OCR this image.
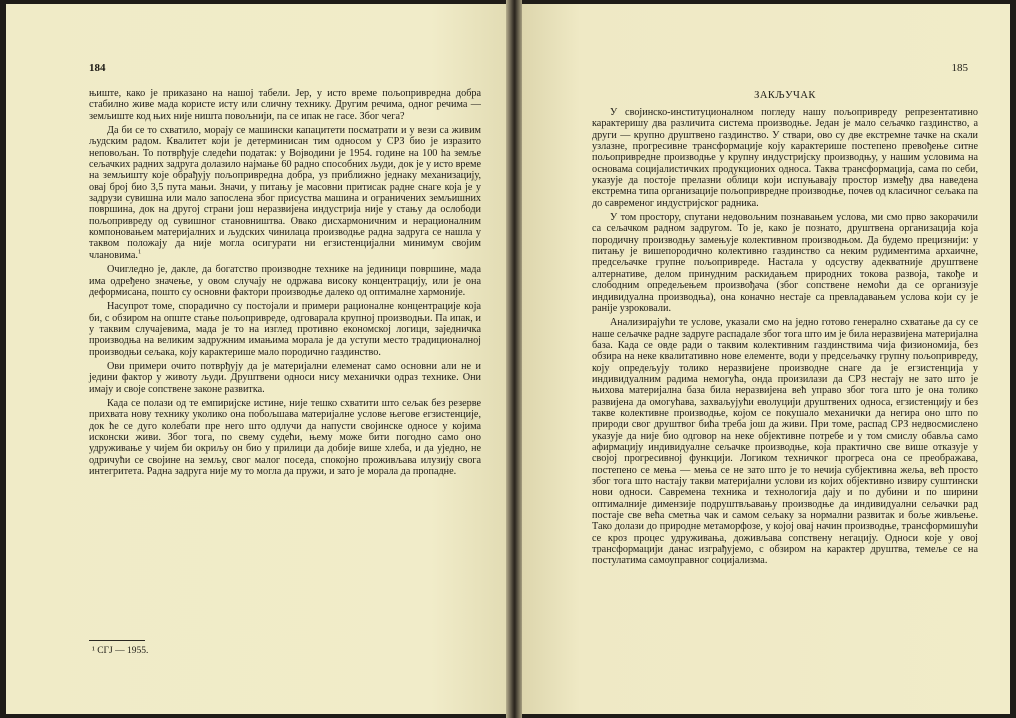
184

њиште, како је приказано на нашој табели. Јер, у исто време пољопривредна добра стабилно живе мада користе исту или сличну технику. Другим речима, одног речима — земљиште код њих није ништа повољнији, па се ипак не гасе. Због чега?

Да би се то схватило, морају се машински капацитети посматрати и у вези са живим људским радом. Квалитет који је детерминисан тим односом у СРЗ био је изразито неповољан. То потврђује следећи податак: у Војводини је 1954. године на 100 ha земље сељачких радних задруга долазило најмање 60 радно способних људи, док је у исто време на земљишту које обрађују пољопривредна добра, уз приближно једнаку механизацију, овај број био 3,5 пута мањи. Значи, у питању је масовни притисак радне снаге која је у задрузи сувишна или мало запослена због присуства машина и ограничених земљишних површина, док на другој страни још неразвијена индустрија није у стању да ослободи пољопривреду од сувишног становништва. Овако дисхармоничним и нерационалним компоновањем материјалних и људских чинилаца производње радна задруга се нашла у таквом положају да није могла осигурати ни егзистенцијални минимум својим члановима.$^1$

Очигледно је, дакле, да богатство производне технике на јединици површине, мада има одређено значење, у овом случају не одржава високу концентрацију, или је она деформисана, пошто су основни фактори производње далеко од оптималне хармоније.

Насупрот томе, спорадично су постојали и примери рационалне концентрације која би, с обзиром на опште стање пољопривреде, одговарала крупној производњи. Па ипак, и у таквим случајевима, мада је то на изглед противно економској логици, заједничка производња на великим задружним имањима морала је да уступи место традиционалној производњи сељака, коју карактерише мало породично газдинство.

Ови примери очито потврђују да је материјални елеменат само основни али не и једини фактор у животу људи. Друштвени односи нису механички одраз технике. Они имају и своје сопствене законе развитка.

Када се полази од те емпиријске истине, није тешко схватити што сељак без резерве прихвата нову технику уколико она побољшава материјалне услове његове егзистенције, док ће се дуго колебати пре него што одлучи да напусти својинске односе у којима исконски живи. Због тога, по свему судећи, њему може бити погодно само оно удруживање у чијем би окриљу он био у прилици да добије више хлеба, и да уједно, не одричући се својине на земљу, свог малог поседа, спокојно проживљава илузију свога интегритета. Радна задруга није му то могла да пружи, и зато је морала да пропадне.

¹ СГЈ — 1955.
185
ЗАКЉУЧАК

У својинско-институционалном погледу нашу пољопривреду репрезентативно карактеришу два различита система производње. Један је мало сељачко газдинство, а други — крупно друштвено газдинство. У ствари, ово су две екстремне тачке на скали узлазне, прогресивне трансформације коју карактерише постепено превођење ситне пољопривредне производње у крупну индустријску производњу, у нашим условима на основама социјалистичких продукционих односа. Таква трансформација, сама по себи, указује да постоје прелазни облици који испуњавају простор између два наведена екстремна типа организације пољопривредне производње, почев од класичног сељака па до савременог индустријског радника.

У том простору, спутани недовољним познавањем услова, ми смо прво закорачили са сељачком радном задругом. То је, како је познато, друштвена организација која породичну производњу замењује колективном производњом. Да будемо прецизнији: у питању је вишепородично колективно газдинство са неким рудиментима архаичне, предсељачке групне пољопривреде. Настала у одсуству адекватније друштвене алтернативе, делом принудним раскидањем природних токова развоја, такође и слободним опредељењем произвођача (због сопствене немоћи да се организује индивидуална производња), она коначно нестаје са превладавањем услова који су је ранije узроковали.

Анализирајући те услове, указали смо на једно готово генерално схватање да су се наше сељачке радне задруге распадале због тога што им је била неразвијена материјална база. Када се овде ради о таквим колективним газдинствима чија физиономија, без обзира на неке квалитативно нове елементе, води у предсељачку групну пољопривреду, коју опредељују толико неразвијене производне снаге да је егзистенција у индивидуалним радима немогућа, онда произилази да СРЗ нестају не зато што је њихова материјална база била неразвијена већ управо због тога што је она толико развијена да омогућава, захваљујући еволуцији друштвених односа, егзистенцију и без такве колективне производње, којом се покушало механички да негира оно што по природи свог друштвог бића треба још да живи. При томе, распад СРЗ недвосмислено указује да није био одговор на неке објективне потребе и у том смислу обавља само афирмацију индивидуалне сељачке производње, која практично све више отказује у својој прогресивној функцији. Логиком техничког прогреса она се преображава, постепено се мења — мења се не зато што је то нечија субјективна жеља, већ просто због тога што настају такви материјални услови из којих објективно извиру суштински нови односи. Савремена техника и технологија дају и по дубини и по ширини оптималније димензије подруштвљавању производње да индивидуални сељачки рад постаје све већа сметња чак и самом сељаку за нормални развитак и боље живљење. Тако долази до природне метаморфозе, у којој овај начин производње, трансформишући се кроз процес удруживања, доживљава сопствену негацију. Односи које у овој трансформацији данас изграђујемо, с обзиром на карактер друштва, темеље се на постулатима самоуправног социјализма.
